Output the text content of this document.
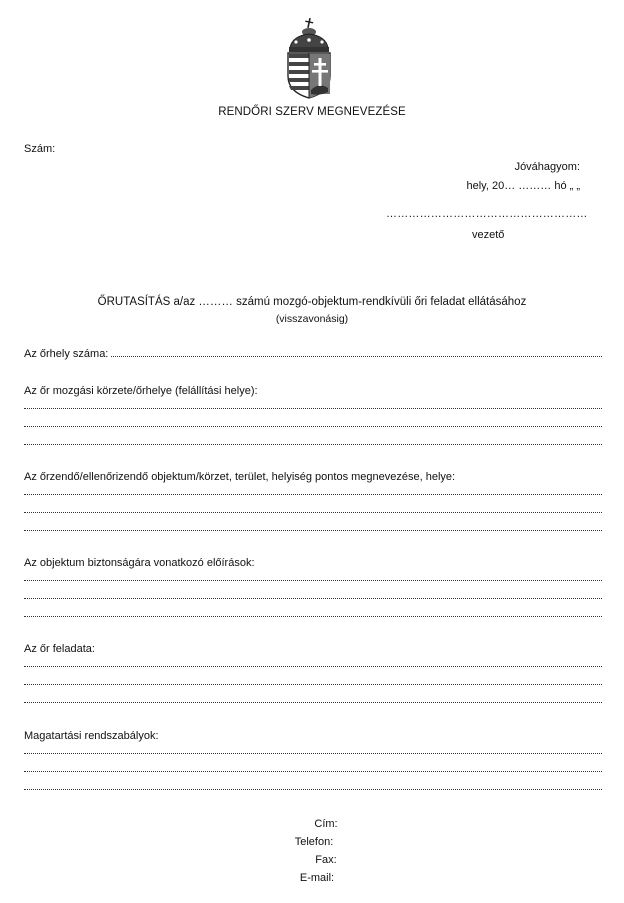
RENDŐRI SZERV MEGNEVEZÉSE
Szám:
Jóváhagyom:
hely, 20… ……… hó „ „
………………………………………………
vezető
ŐRUTASÍTÁS a/az ……… számú mozgó-objektum-rendkívüli őri feladat ellátásához
(visszavonásig)
Az őrhely száma:
Az őr mozgási körzete/őrhelye (felállítási helye):
Az őrzendő/ellenőrizendő objektum/körzet, terület, helyiség pontos megnevezése, helye:
Az objektum biztonságára vonatkozó előírások:
Az őr feladata:
Magatartási rendszabályok:
Cím:
Telefon:
Fax:
E-mail:
